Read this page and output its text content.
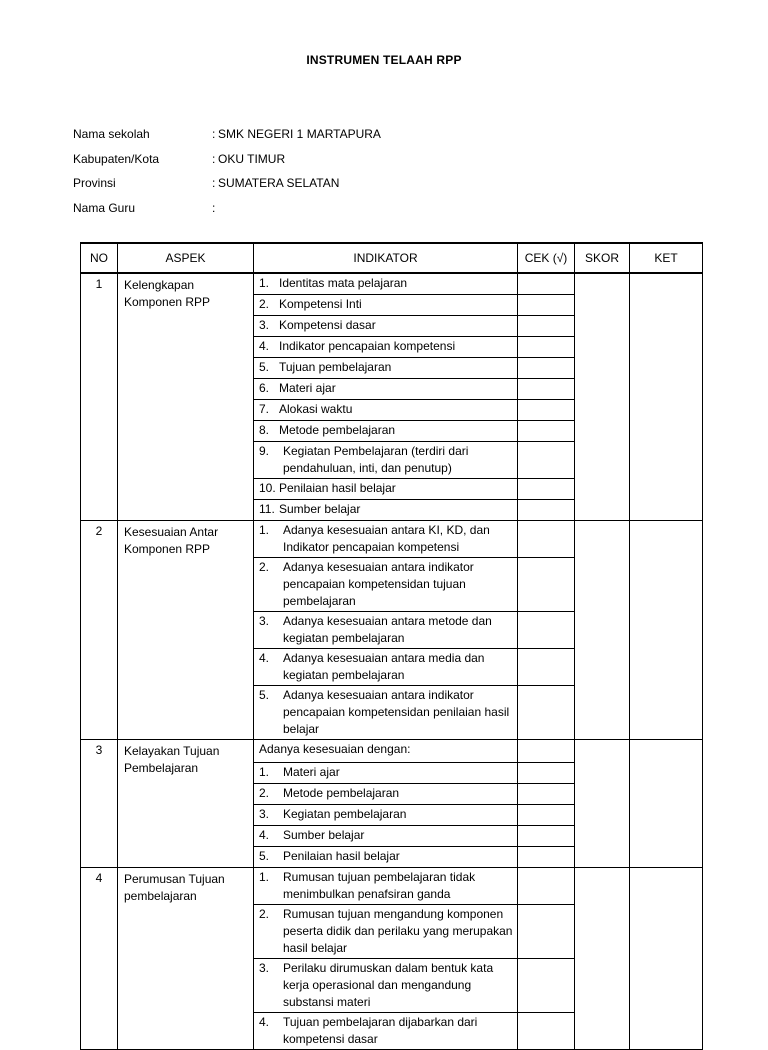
INSTRUMEN TELAAH RPP
Nama sekolah	: SMK NEGERI 1 MARTAPURA
Kabupaten/Kota	: OKU TIMUR
Provinsi	: SUMATERA SELATAN
Nama Guru	:
NO	ASPEK	INDIKATOR	CEK (√)	SKOR	KET
1	Kelengkapan Komponen RPP	1. Identitas mata pelajaran			

		2. Kompetensi Inti			

		3. Kompetensi dasar			

		4. Indikator pencapaian kompetensi			

		5. Tujuan pembelajaran			

		6. Materi ajar			

		7. Alokasi waktu			

		8. Metode pembelajaran			

		9. Kegiatan Pembelajaran (terdiri dari pendahuluan, inti, dan penutup)			

		10. Penilaian hasil belajar			

		11. Sumber belajar			

2	Kesesuaian Antar Komponen RPP	1. Adanya kesesuaian antara KI, KD, dan Indikator pencapaian kompetensi			

		2. Adanya kesesuaian antara indikator pencapaian kompetensidan tujuan pembelajaran			

		3. Adanya kesesuaian antara metode dan kegiatan pembelajaran			

		4. Adanya kesesuaian antara media dan kegiatan pembelajaran			

		5. Adanya kesesuaian antara indikator pencapaian kompetensidan penilaian hasil belajar			

3	Kelayakan Tujuan Pembelajaran	Adanya kesesuaian dengan:			

		1. Materi ajar			

		2. Metode pembelajaran			

		3. Kegiatan pembelajaran			

		4. Sumber belajar			

		5. Penilaian hasil belajar			

4	Perumusan Tujuan pembelajaran	1. Rumusan tujuan pembelajaran tidak menimbulkan penafsiran ganda			

		2. Rumusan tujuan mengandung komponen peserta didik dan perilaku yang merupakan hasil belajar			

		3. Perilaku dirumuskan dalam bentuk kata kerja operasional dan mengandung substansi materi			

		4. Tujuan pembelajaran dijabarkan dari kompetensi dasar			
